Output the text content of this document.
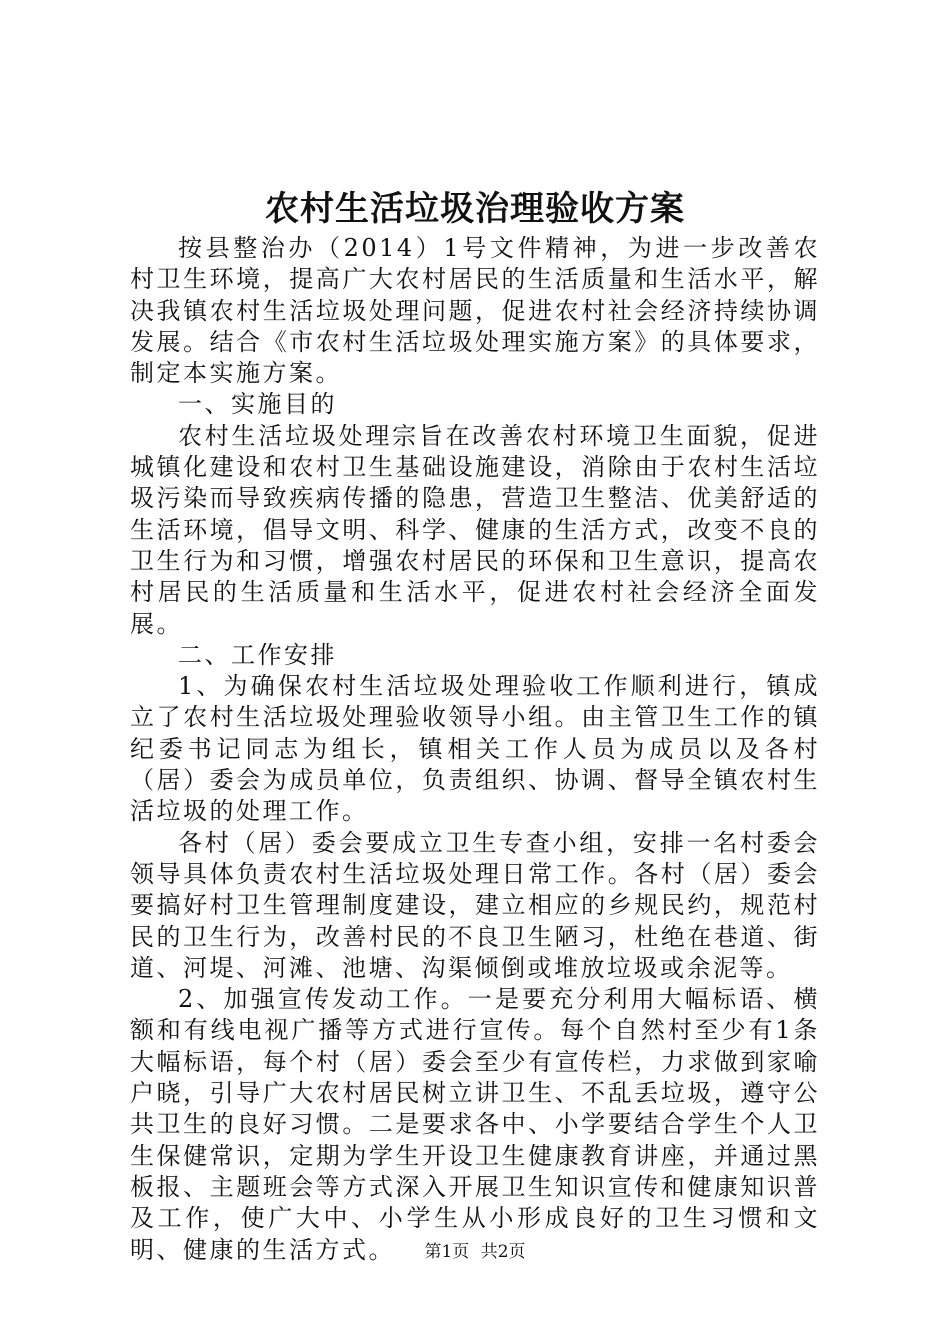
农村生活垃圾治理验收方案

按县整治办（2014）1号文件精神，为进一步改善农村卫生环境，提高广大农村居民的生活质量和生活水平，解决我镇农村生活垃圾处理问题，促进农村社会经济持续协调发展。结合《市农村生活垃圾处理实施方案》的具体要求，制定本实施方案。

一、实施目的

农村生活垃圾处理宗旨在改善农村环境卫生面貌，促进城镇化建设和农村卫生基础设施建设，消除由于农村生活垃圾污染而导致疾病传播的隐患，营造卫生整洁、优美舒适的生活环境，倡导文明、科学、健康的生活方式，改变不良的卫生行为和习惯，增强农村居民的环保和卫生意识，提高农村居民的生活质量和生活水平，促进农村社会经济全面发展。

二、工作安排

1、为确保农村生活垃圾处理验收工作顺利进行，镇成立了农村生活垃圾处理验收领导小组。由主管卫生工作的镇纪委书记同志为组长，镇相关工作人员为成员以及各村（居）委会为成员单位，负责组织、协调、督导全镇农村生活垃圾的处理工作。

各村（居）委会要成立卫生专查小组，安排一名村委会领导具体负责农村生活垃圾处理日常工作。各村（居）委会要搞好村卫生管理制度建设，建立相应的乡规民约，规范村民的卫生行为，改善村民的不良卫生陋习，杜绝在巷道、街道、河堤、河滩、池塘、沟渠倾倒或堆放垃圾或余泥等。

2、加强宣传发动工作。一是要充分利用大幅标语、横额和有线电视广播等方式进行宣传。每个自然村至少有1条大幅标语，每个村（居）委会至少有宣传栏，力求做到家喻户晓，引导广大农村居民树立讲卫生、不乱丢垃圾，遵守公共卫生的良好习惯。二是要求各中、小学要结合学生个人卫生保健常识，定期为学生开设卫生健康教育讲座，并通过黑板报、主题班会等方式深入开展卫生知识宣传和健康知识普及工作，使广大中、小学生从小形成良好的卫生习惯和文明、健康的生活方式。	第1页 共2页
